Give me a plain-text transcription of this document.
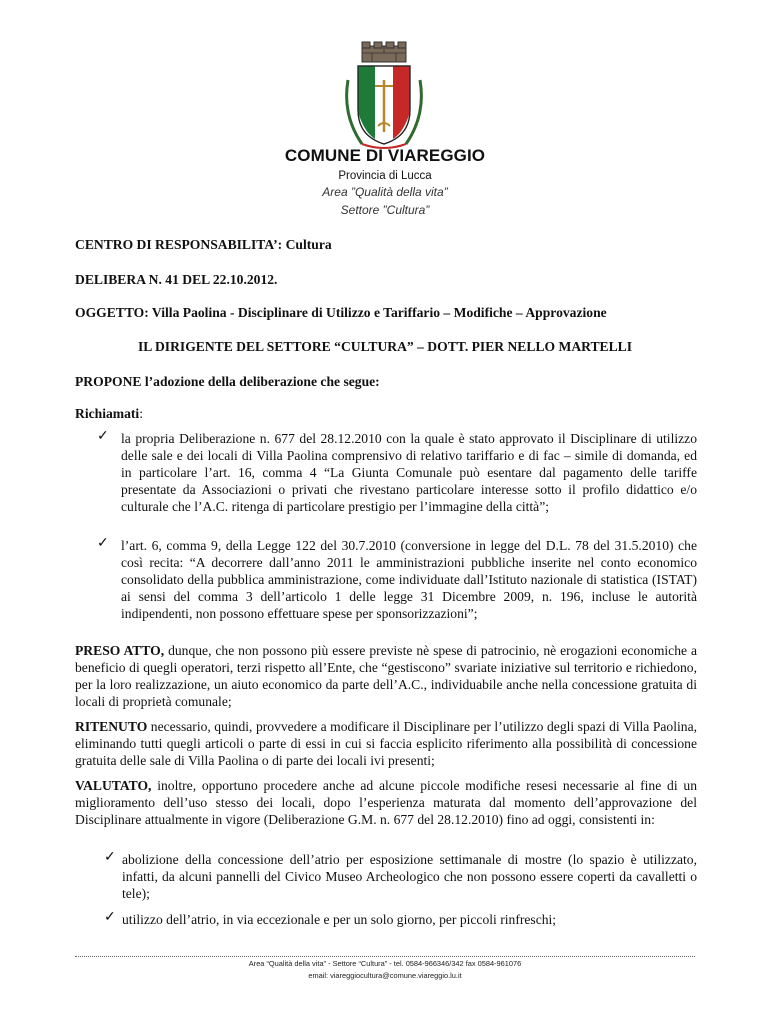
COMUNE DI VIAREGGIO
Provincia di Lucca
Area ”Qualità della vita”
Settore ”Cultura”
CENTRO DI RESPONSABILITA’: Cultura
DELIBERA N. 41 DEL 22.10.2012.
OGGETTO: Villa Paolina - Disciplinare di Utilizzo e Tariffario – Modifiche – Approvazione
IL DIRIGENTE DEL SETTORE “CULTURA” – DOTT. PIER NELLO MARTELLI
PROPONE l’adozione della deliberazione che segue:
Richiamati:
✓ la propria Deliberazione n. 677 del 28.12.2010 con la quale è stato approvato il Disciplinare di utilizzo delle sale e dei locali di Villa Paolina comprensivo di relativo tariffario e di fac – simile di domanda, ed in particolare l’art. 16, comma 4 “La Giunta Comunale può esentare dal pagamento delle tariffe presentate da Associazioni o privati che rivestano particolare interesse sotto il profilo didattico e/o culturale che l’A.C. ritenga di particolare prestigio per l’immagine della città”;
✓ l’art. 6, comma 9, della Legge 122 del 30.7.2010 (conversione in legge del D.L. 78 del 31.5.2010) che così recita: “A decorrere dall’anno 2011 le amministrazioni pubbliche inserite nel conto economico consolidato della pubblica amministrazione, come individuate dall’Istituto nazionale di statistica (ISTAT) ai sensi del comma 3 dell’articolo 1 delle legge 31 Dicembre 2009, n. 196, incluse le autorità indipendenti, non possono effettuare spese per sponsorizzazioni”;
PRESO ATTO, dunque, che non possono più essere previste nè spese di patrocinio, nè erogazioni economiche a beneficio di quegli operatori, terzi rispetto all’Ente, che “gestiscono” svariate iniziative sul territorio e richiedono, per la loro realizzazione, un aiuto economico da parte dell’A.C., individuabile anche nella concessione gratuita di locali di proprietà comunale;
RITENUTO necessario, quindi, provvedere a modificare il Disciplinare per l’utilizzo degli spazi di Villa Paolina, eliminando tutti quegli articoli o parte di essi in cui si faccia esplicito riferimento alla possibilità di concessione gratuita delle sale di Villa Paolina o di parte dei locali ivi presenti;
VALUTATO, inoltre, opportuno procedere anche ad alcune piccole modifiche resesi necessarie al fine di un miglioramento dell’uso stesso dei locali, dopo l’esperienza maturata dal momento dell’approvazione del Disciplinare attualmente in vigore (Deliberazione G.M. n. 677 del 28.12.2010) fino ad oggi, consistenti in:
✓ abolizione della concessione dell’atrio per esposizione settimanale di mostre (lo spazio è utilizzato, infatti, da alcuni pannelli del Civico Museo Archeologico che non possono essere coperti da cavalletti o tele);
✓ utilizzo dell’atrio, in via eccezionale e per un solo giorno, per piccoli rinfreschi;
Area “Qualità della vita” - Settore “Cultura” - tel. 0584-966346/342 fax 0584-961076
email: viareggiocultura@comune.viareggio.lu.it
